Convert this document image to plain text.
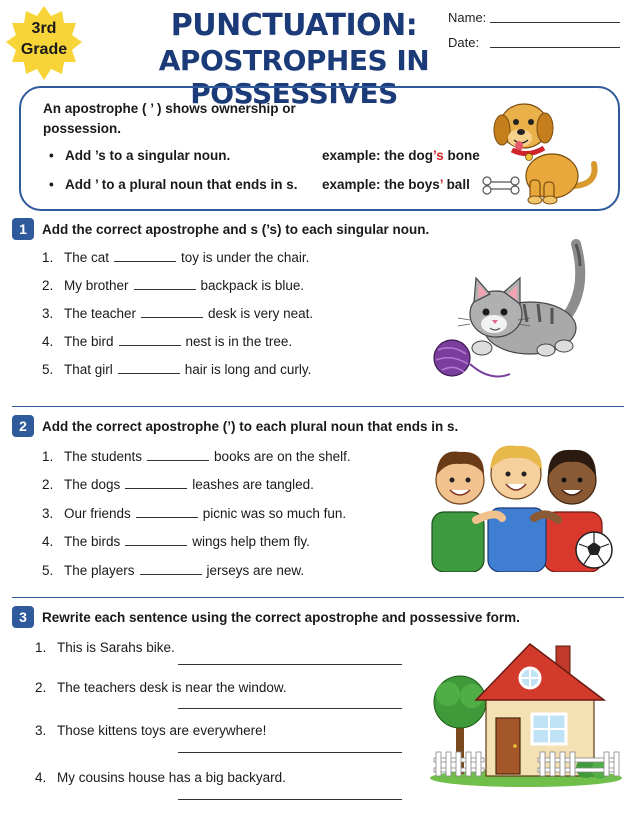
3rd
Grade
PUNCTUATION:
APOSTROPHES IN POSSESSIVES
Name:
Date:
An apostrophe ( ’ ) shows ownership or possession.
• Add ’s to a singular noun.	example: the dog’s bone
• Add ’ to a plural noun that ends in s. example: the boys’ ball
1	Add the correct apostrophe and s (’s) to each singular noun.
1. The cat	toy is under the chair.
2. My brother	backpack is blue.
3. The teacher	desk is very neat.
4. The bird	nest is in the tree.
5. That girl	hair is long and curly.
2	Add the correct apostrophe (’) to each plural noun that ends in s.
1. The students	books are on the shelf.
2. The dogs	leashes are tangled.
3. Our friends	picnic was so much fun.
4. The birds	wings help them fly.
5. The players	jerseys are new.
3	Rewrite each sentence using the correct apostrophe and possessive form.
1. This is Sarahs bike.
2. The teachers desk is near the window.
3. Those kittens toys are everywhere!
4. My cousins house has a big backyard.
